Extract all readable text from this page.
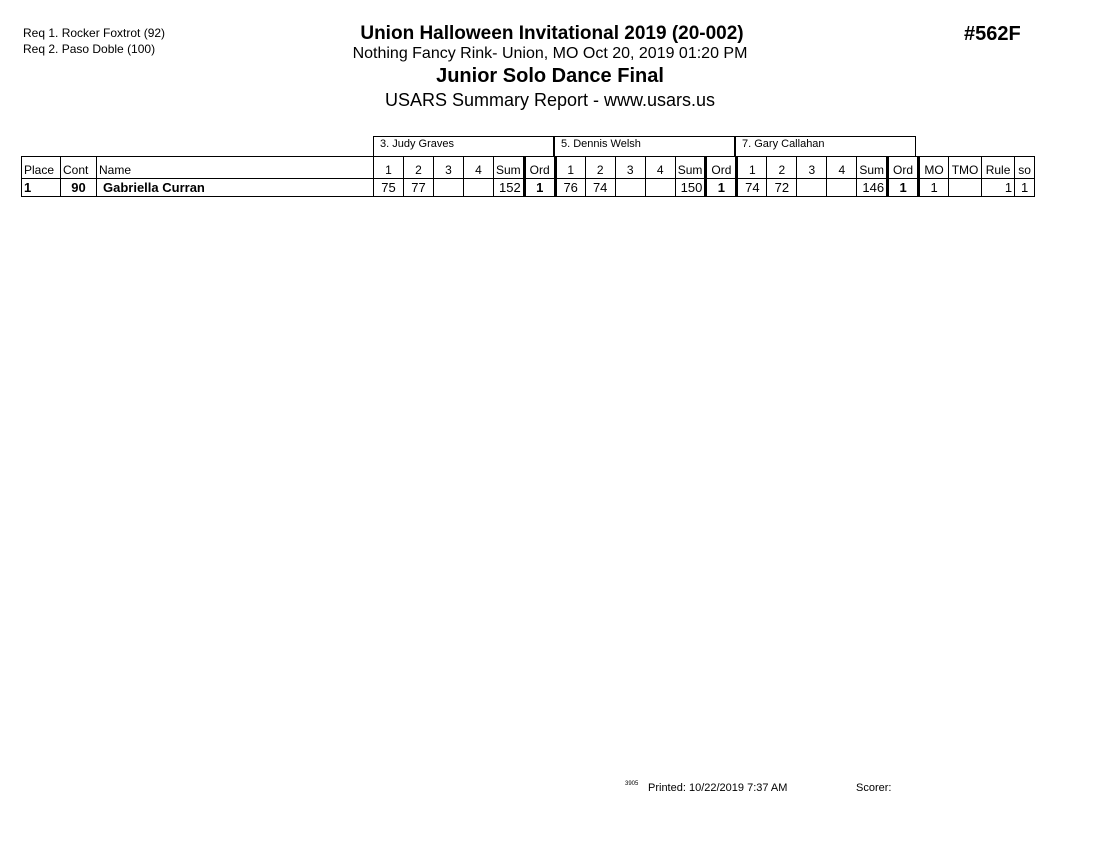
Req 1. Rocker Foxtrot (92)
Req 2. Paso Doble (100)
Union Halloween Invitational 2019 (20-002)
Nothing Fancy Rink- Union, MO Oct 20, 2019 01:20 PM
Junior Solo Dance Final
USARS Summary Report - www.usars.us
#562F
3. Judy Graves	5. Dennis Welsh	7. Gary Callahan
Place	Cont	Name	1	2	3	4	Sum	Ord	1	2	3	4	Sum	Ord	1	2	3	4	Sum	Ord	MO	TMO	Rule	so
1	90	Gabriella Curran	75	77			152	1	76	74			150	1	74	72			146	1	1		1	1
3905 Printed: 10/22/2019 7:37 AM	Scorer:
